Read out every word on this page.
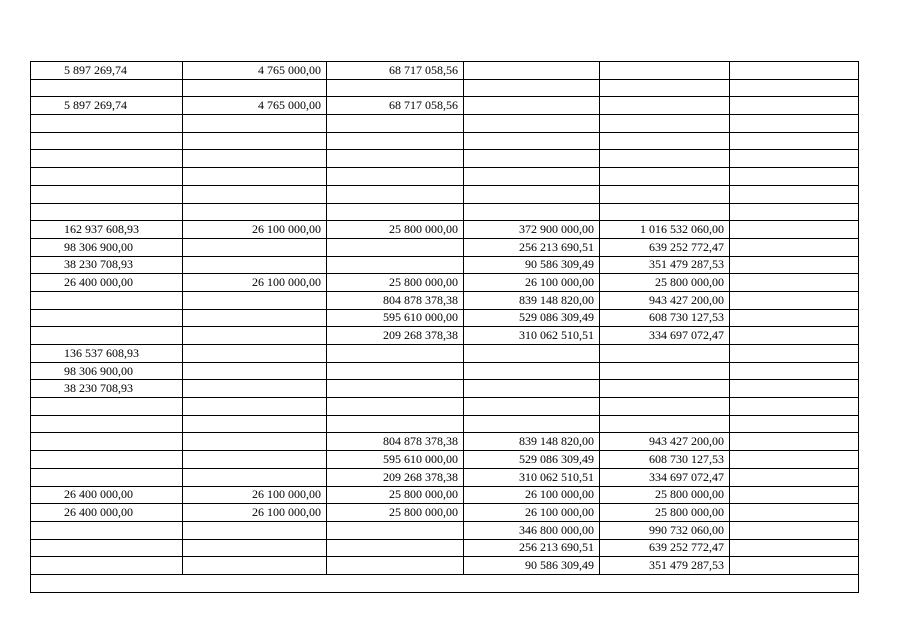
5 897 269,74	4 765 000,00	68 717 058,56			

5 897 269,74	4 765 000,00	68 717 058,56			

162 937 608,93	26 100 000,00	25 800 000,00	372 900 000,00	1 016 532 060,00	
98 306 900,00			256 213 690,51	639 252 772,47	
38 230 708,93			90 586 309,49	351 479 287,53	
26 400 000,00	26 100 000,00	25 800 000,00	26 100 000,00	25 800 000,00	
		804 878 378,38	839 148 820,00	943 427 200,00	
		595 610 000,00	529 086 309,49	608 730 127,53	
		209 268 378,38	310 062 510,51	334 697 072,47	
136 537 608,93					
98 306 900,00					
38 230 708,93					

		804 878 378,38	839 148 820,00	943 427 200,00	
		595 610 000,00	529 086 309,49	608 730 127,53	
		209 268 378,38	310 062 510,51	334 697 072,47	
26 400 000,00	26 100 000,00	25 800 000,00	26 100 000,00	25 800 000,00	
26 400 000,00	26 100 000,00	25 800 000,00	26 100 000,00	25 800 000,00	
			346 800 000,00	990 732 060,00	
			256 213 690,51	639 252 772,47	
			90 586 309,49	351 479 287,53	
